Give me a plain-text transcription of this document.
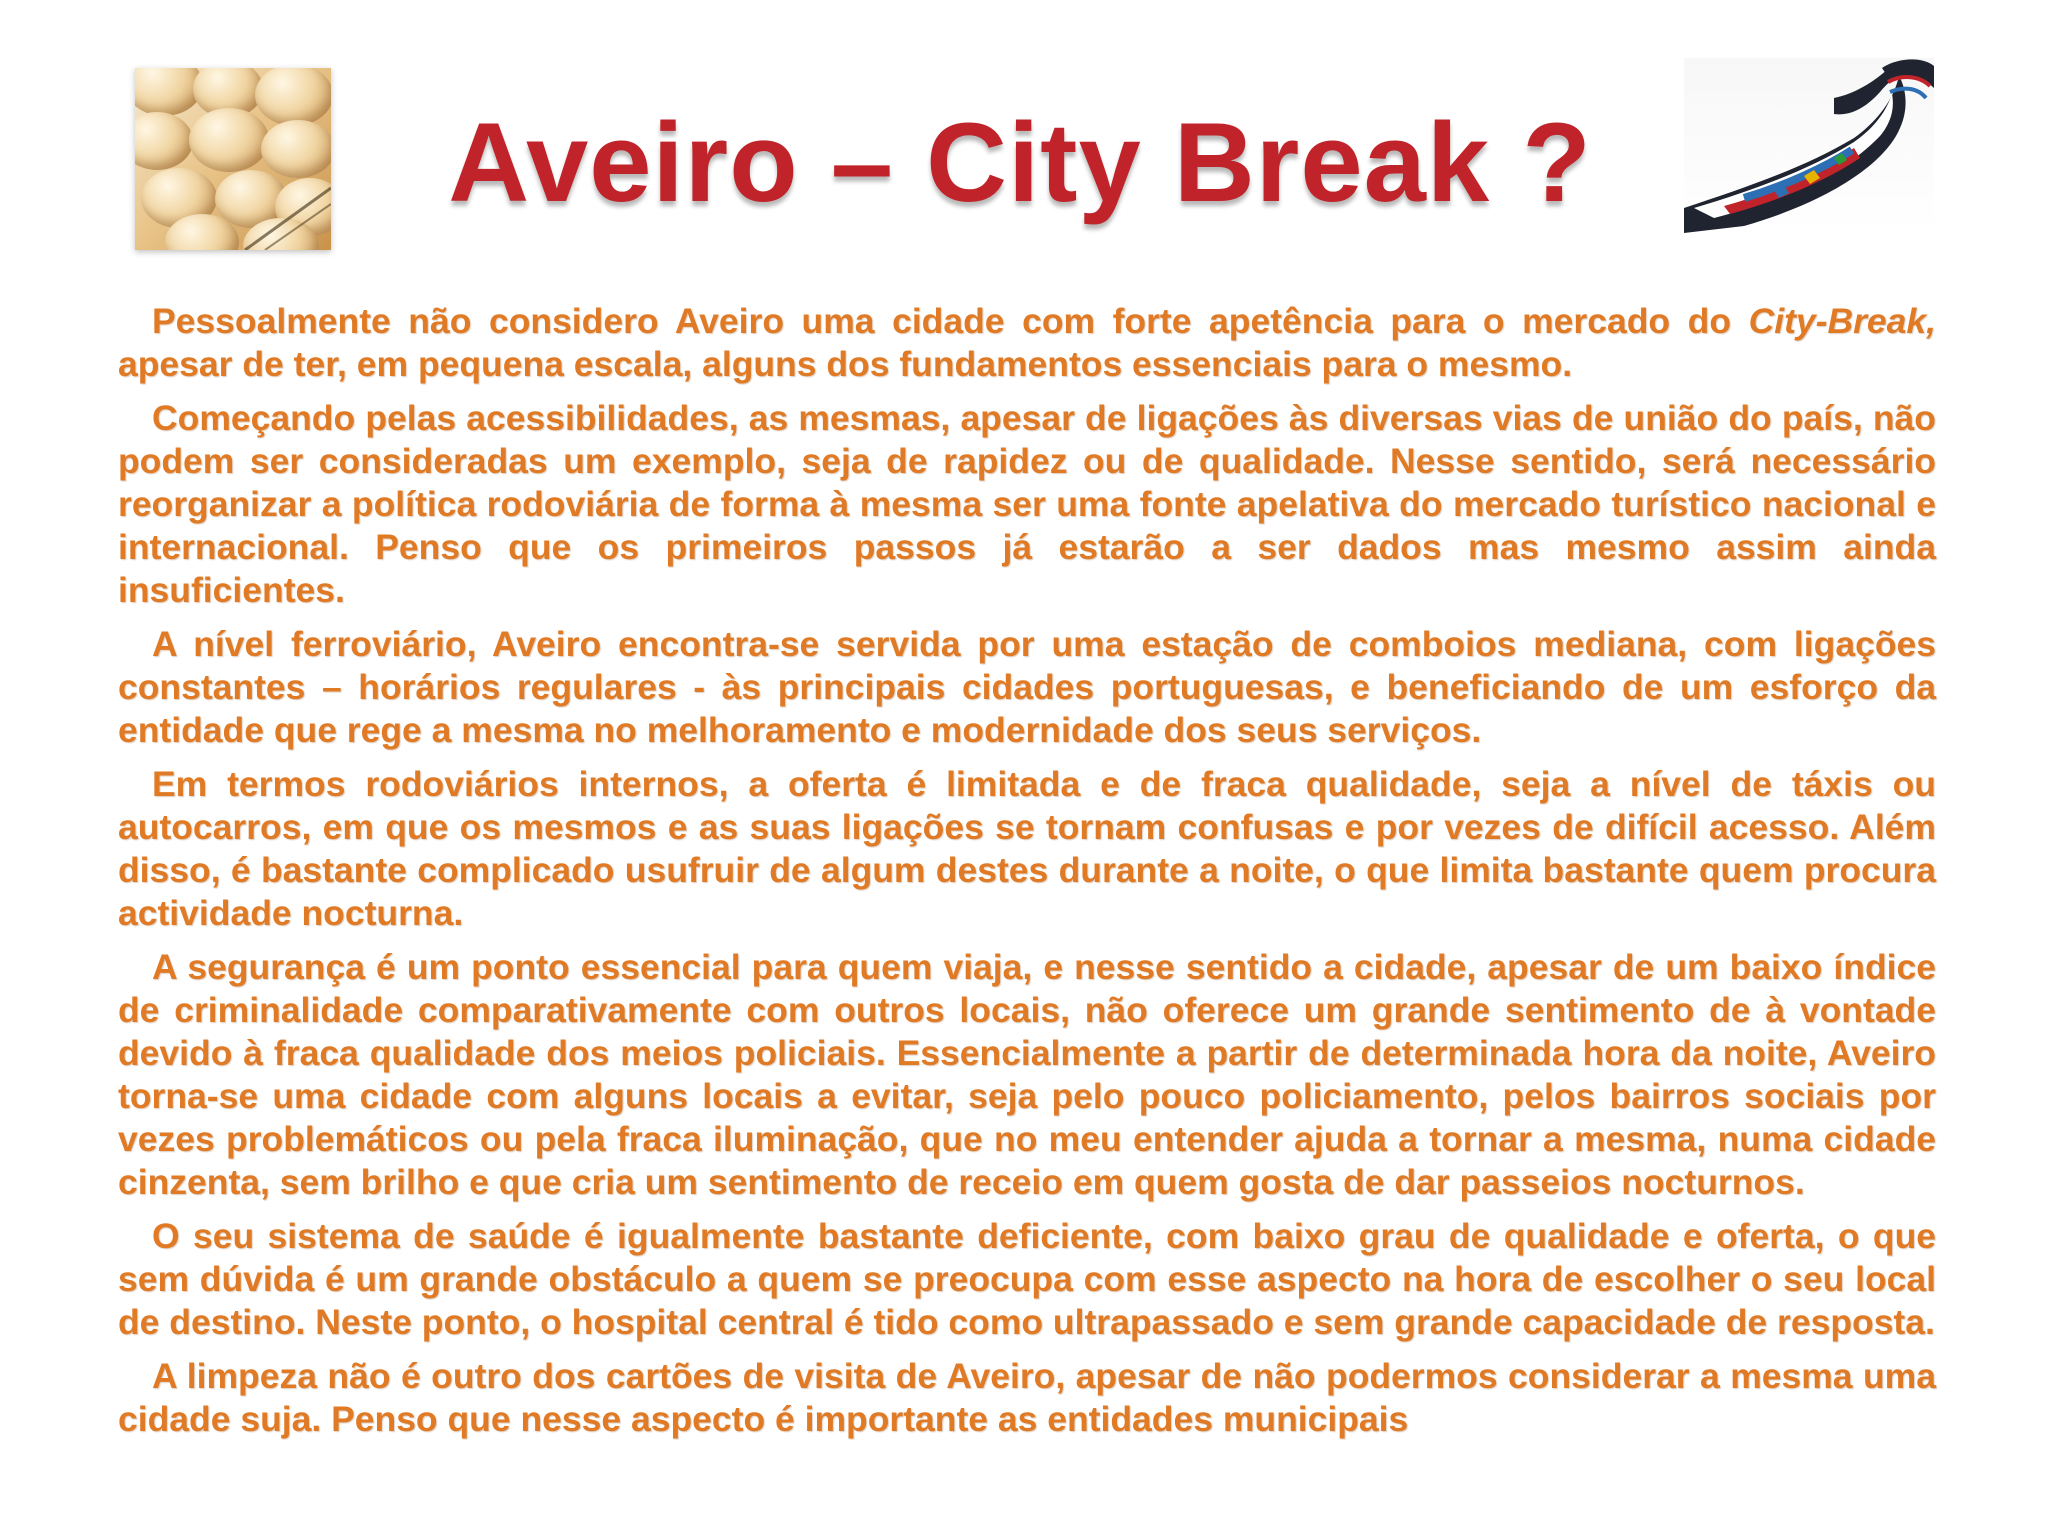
Aveiro – City Break ?

Pessoalmente não considero Aveiro uma cidade com forte apetência para o mercado do City-Break, apesar de ter, em pequena escala, alguns dos fundamentos essenciais para o mesmo.

Começando pelas acessibilidades, as mesmas, apesar de ligações às diversas vias de união do país, não podem ser consideradas um exemplo, seja de rapidez ou de qualidade. Nesse sentido, será necessário reorganizar a política rodoviária de forma à mesma ser uma fonte apelativa do mercado turístico nacional e internacional. Penso que os primeiros passos já estarão a ser dados mas mesmo assim ainda insuficientes.

A nível ferroviário, Aveiro encontra-se servida por uma estação de comboios mediana, com ligações constantes – horários regulares - às principais cidades portuguesas, e beneficiando de um esforço da entidade que rege a mesma no melhoramento e modernidade dos seus serviços.

Em termos rodoviários internos, a oferta é limitada e de fraca qualidade, seja a nível de táxis ou autocarros, em que os mesmos e as suas ligações se tornam confusas e por vezes de difícil acesso. Além disso, é bastante complicado usufruir de algum destes durante a noite, o que limita bastante quem procura actividade nocturna.

A segurança é um ponto essencial para quem viaja, e nesse sentido a cidade, apesar de um baixo índice de criminalidade comparativamente com outros locais, não oferece um grande sentimento de à vontade devido à fraca qualidade dos meios policiais. Essencialmente a partir de determinada hora da noite, Aveiro torna-se uma cidade com alguns locais a evitar, seja pelo pouco policiamento, pelos bairros sociais por vezes problemáticos ou pela fraca iluminação, que no meu entender ajuda a tornar a mesma, numa cidade cinzenta, sem brilho e que cria um sentimento de receio em quem gosta de dar passeios nocturnos.

O seu sistema de saúde é igualmente bastante deficiente, com baixo grau de qualidade e oferta, o que sem dúvida é um grande obstáculo a quem se preocupa com esse aspecto na hora de escolher o seu local de destino. Neste ponto, o hospital central é tido como ultrapassado e sem grande capacidade de resposta.

A limpeza não é outro dos cartões de visita de Aveiro, apesar de não podermos considerar a mesma uma cidade suja. Penso que nesse aspecto é importante as entidades municipais
